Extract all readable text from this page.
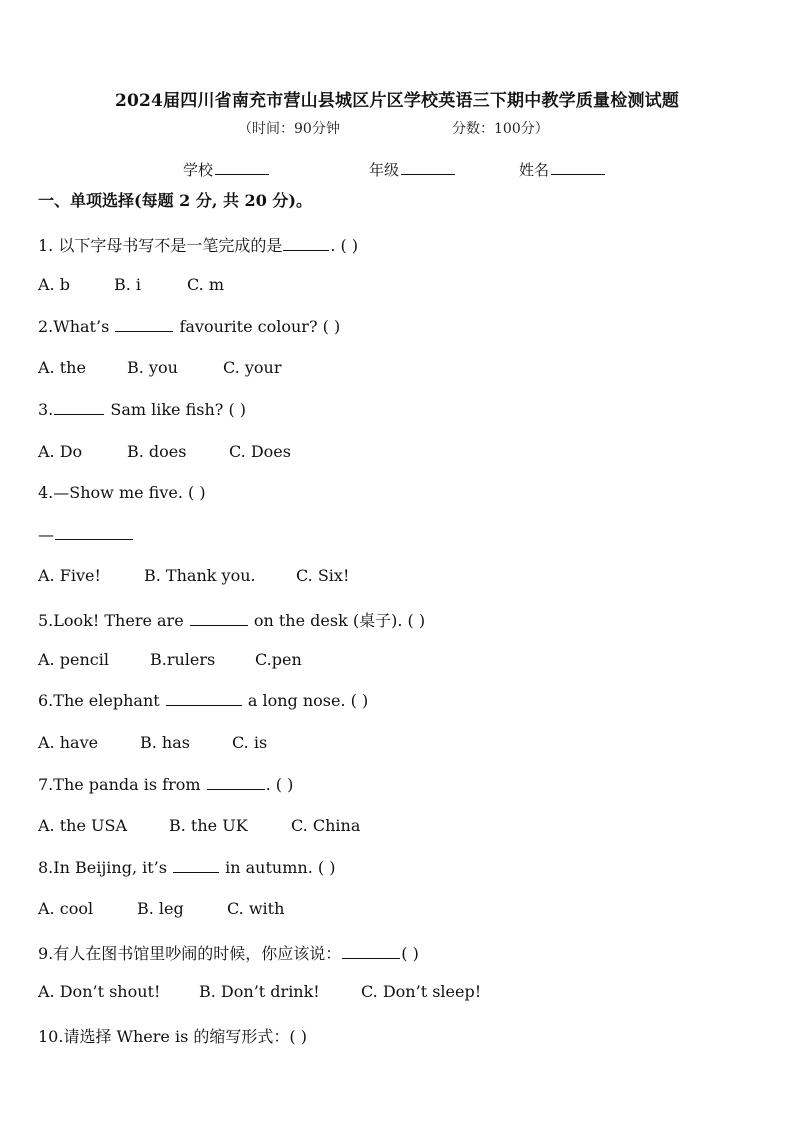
2024届四川省南充市营山县城区片区学校英语三下期中教学质量检测试题
（时间：90分钟	分数：100分）
学校	年级	姓名
一、单项选择(每题 2 分, 共 20 分)。
1. 以下字母书写不是一笔完成的是	. ( )
A. b	B. i	C. m
2.What’s	favourite colour? ( )
A. the	B. you	C. your
3.	Sam like fish? ( )
A. Do	B. does	C. Does
4.—Show me five. ( )
—
A. Five!	B. Thank you.	C. Six!
5.Look! There are	on the desk (桌子). ( )
A. pencil	B.rulers C.pen
6.The elephant	a long nose. ( )
A. have	B. has	C. is
7.The panda is from	. ( )
A. the USA	B. the UK	C. China
8.In Beijing, it’s	in autumn. ( )
A. cool	B. leg	C. with
9.有人在图书馆里吵闹的时候，你应该说：	( )
A. Don’t shout! B. Don’t drink!	C. Don’t sleep!
10.请选择 Where is 的缩写形式：( )
